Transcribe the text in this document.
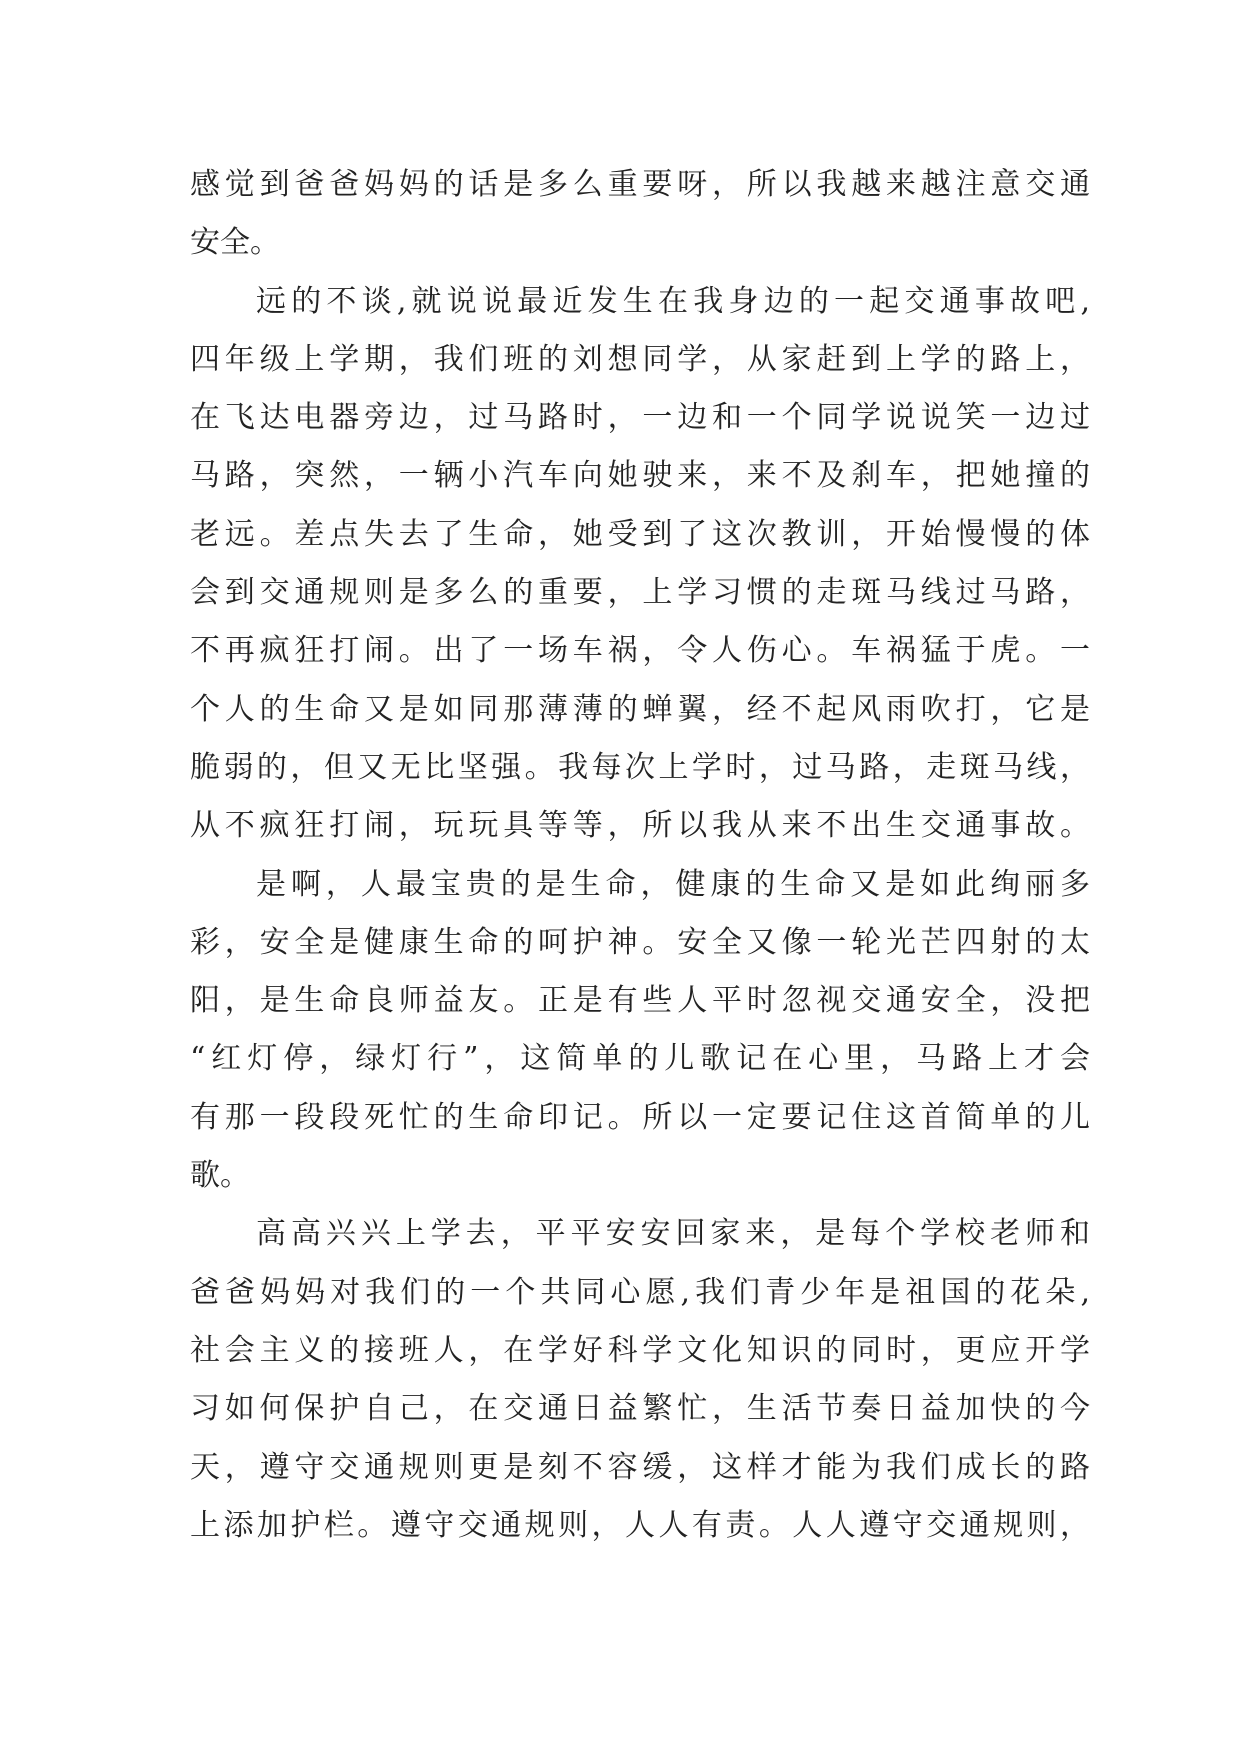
感觉到爸爸妈妈的话是多么重要呀，所以我越来越注意交通
安全。
远的不谈,就说说最近发生在我身边的一起交通事故吧,
四年级上学期，我们班的刘想同学，从家赶到上学的路上，
在飞达电器旁边，过马路时，一边和一个同学说说笑一边过
马路，突然，一辆小汽车向她驶来，来不及刹车，把她撞的
老远。差点失去了生命，她受到了这次教训，开始慢慢的体
会到交通规则是多么的重要，上学习惯的走斑马线过马路，
不再疯狂打闹。出了一场车祸，令人伤心。车祸猛于虎。一
个人的生命又是如同那薄薄的蝉翼，经不起风雨吹打，它是
脆弱的，但又无比坚强。我每次上学时，过马路，走斑马线，
从不疯狂打闹，玩玩具等等，所以我从来不出生交通事故。
是啊，人最宝贵的是生命，健康的生命又是如此绚丽多
彩，安全是健康生命的呵护神。安全又像一轮光芒四射的太
阳，是生命良师益友。正是有些人平时忽视交通安全，没把
“红灯停，绿灯行”，这简单的儿歌记在心里，马路上才会
有那一段段死忙的生命印记。所以一定要记住这首简单的儿
歌。
高高兴兴上学去，平平安安回家来，是每个学校老师和
爸爸妈妈对我们的一个共同心愿,我们青少年是祖国的花朵,
社会主义的接班人，在学好科学文化知识的同时，更应开学
习如何保护自己，在交通日益繁忙，生活节奏日益加快的今
天，遵守交通规则更是刻不容缓，这样才能为我们成长的路
上添加护栏。遵守交通规则，人人有责。人人遵守交通规则，
